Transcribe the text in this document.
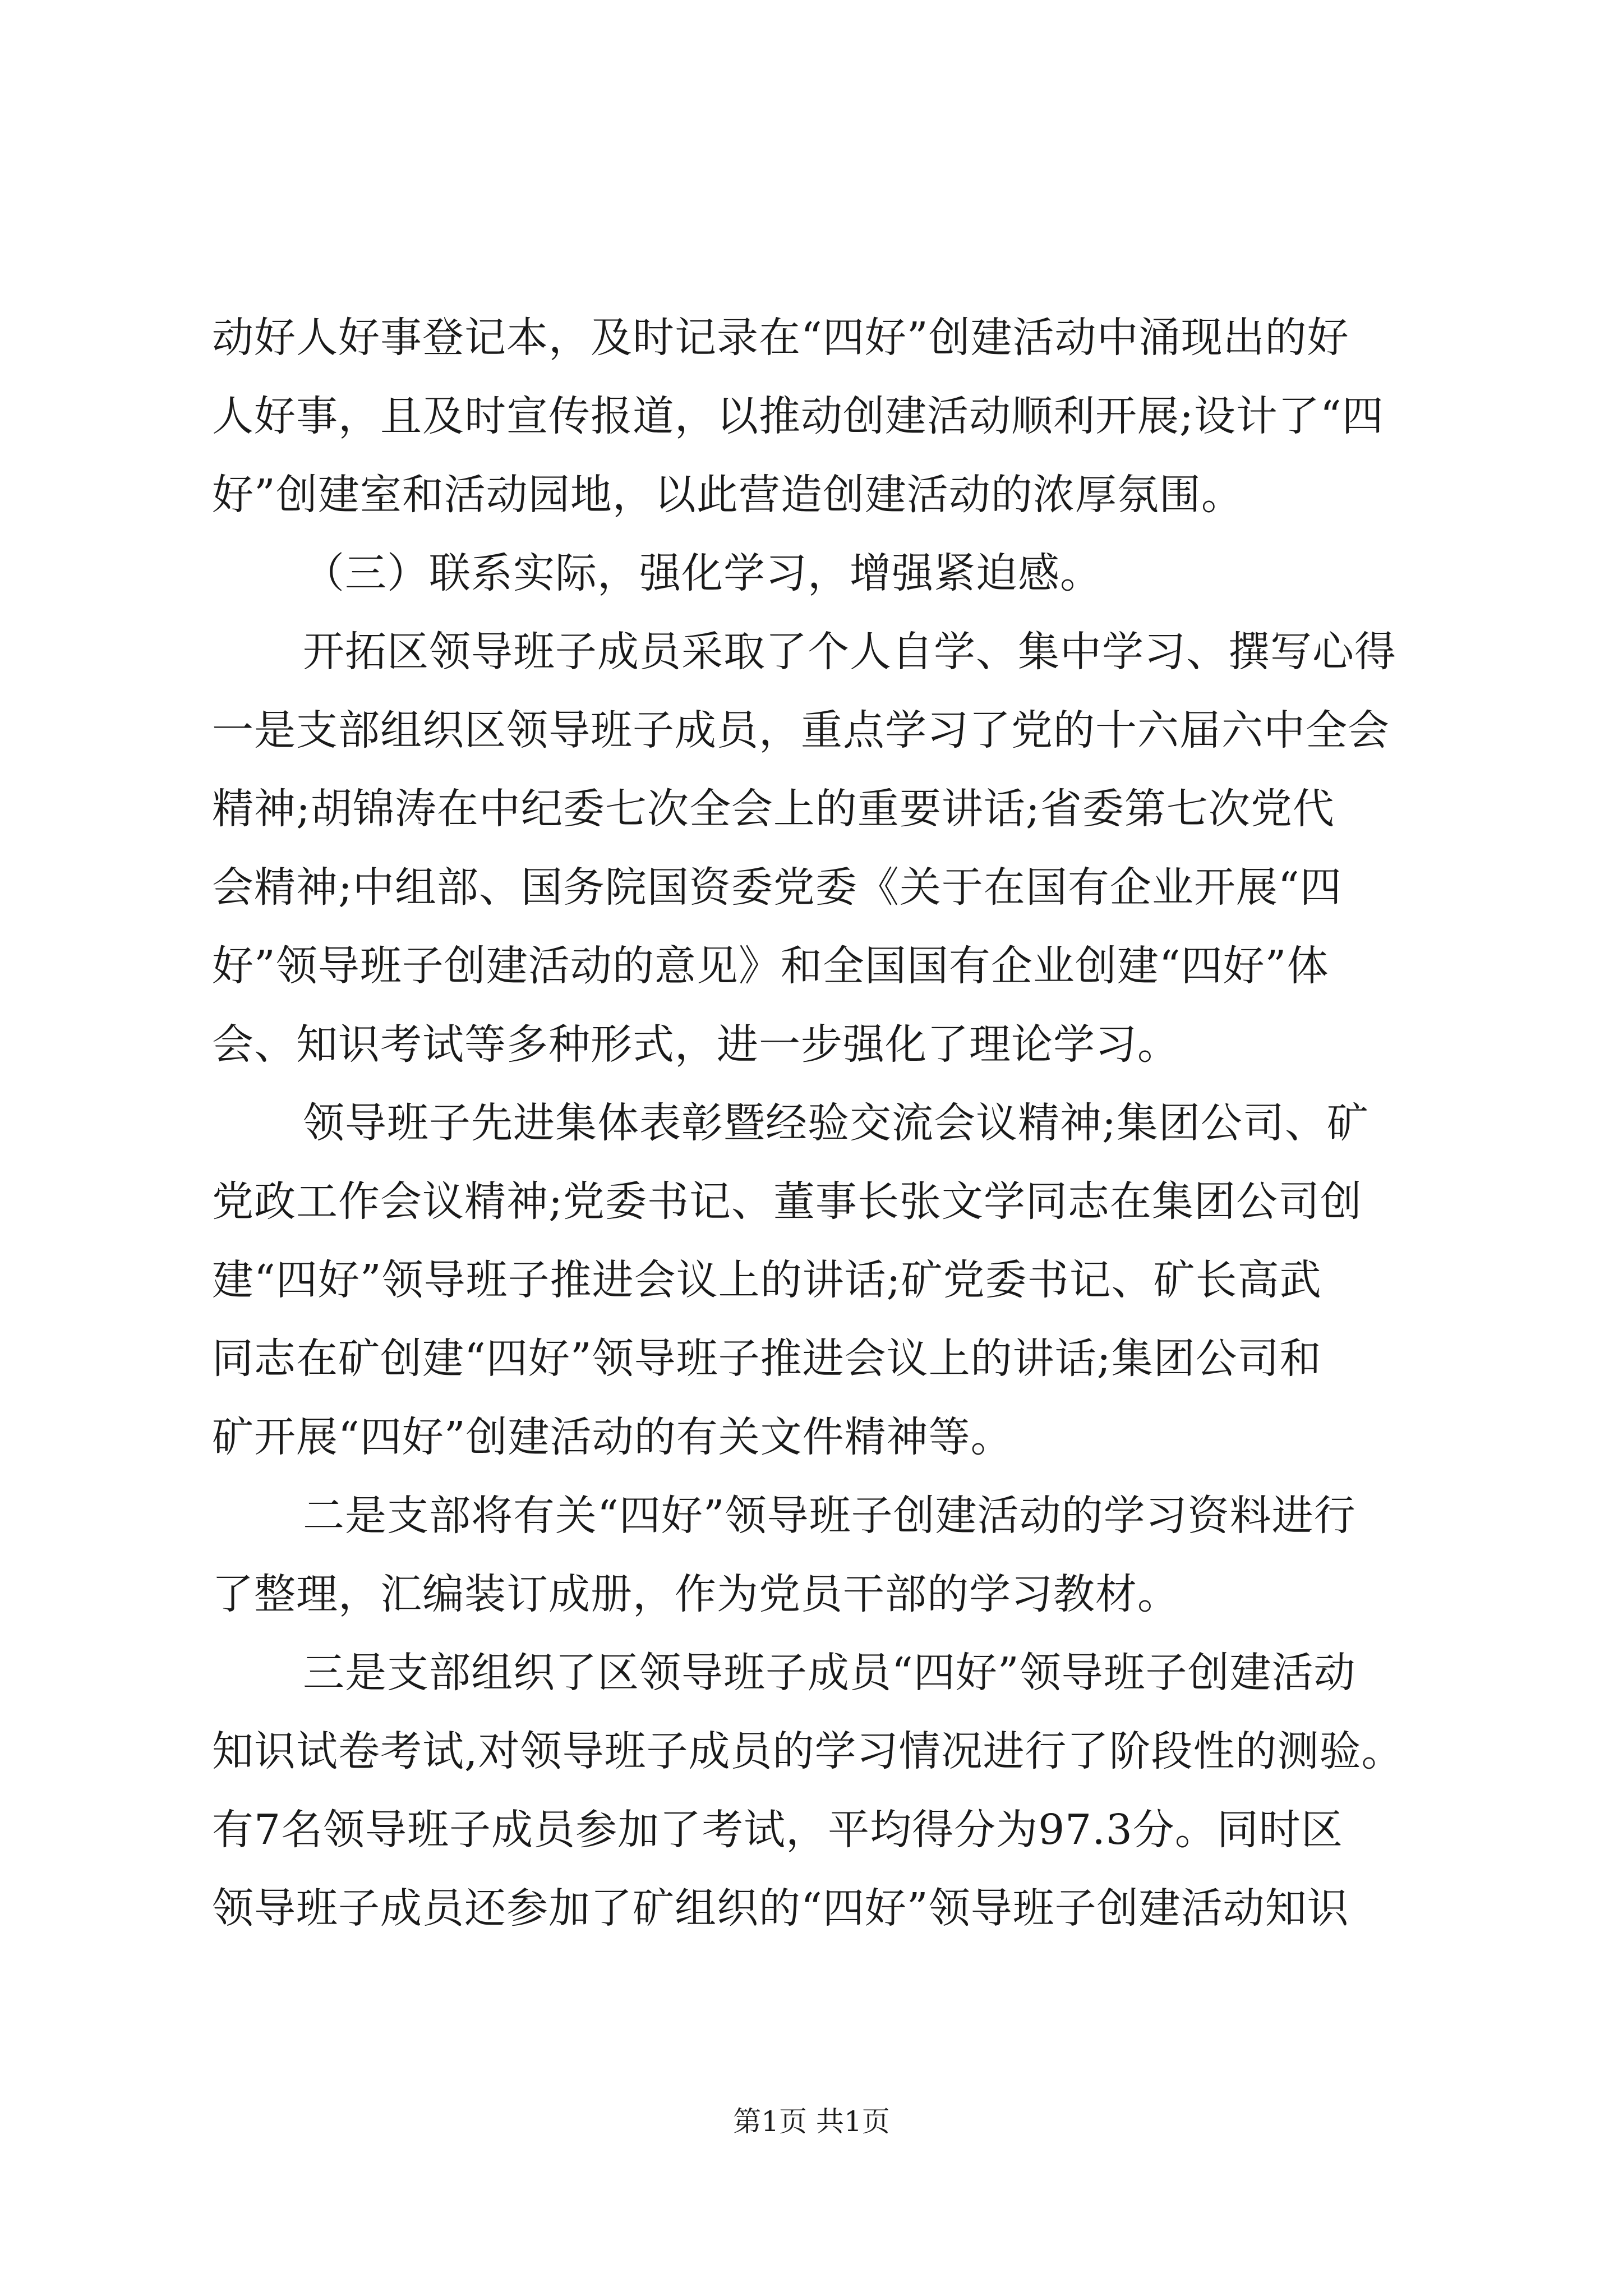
动好人好事登记本，及时记录在“四好”创建活动中涌现出的好
人好事，且及时宣传报道，以推动创建活动顺利开展;设计了“四
好”创建室和活动园地，以此营造创建活动的浓厚氛围。
（三）联系实际，强化学习，增强紧迫感。
开拓区领导班子成员采取了个人自学、集中学习、撰写心得
一是支部组织区领导班子成员，重点学习了党的十六届六中全会
精神;胡锦涛在中纪委七次全会上的重要讲话;省委第七次党代
会精神;中组部、国务院国资委党委《关于在国有企业开展“四
好”领导班子创建活动的意见》和全国国有企业创建“四好”体
会、知识考试等多种形式，进一步强化了理论学习。
领导班子先进集体表彰暨经验交流会议精神;集团公司、矿
党政工作会议精神;党委书记、董事长张文学同志在集团公司创
建“四好”领导班子推进会议上的讲话;矿党委书记、矿长高武
同志在矿创建“四好”领导班子推进会议上的讲话;集团公司和
矿开展“四好”创建活动的有关文件精神等。
二是支部将有关“四好”领导班子创建活动的学习资料进行
了整理，汇编装订成册，作为党员干部的学习教材。
三是支部组织了区领导班子成员“四好”领导班子创建活动
知识试卷考试,对领导班子成员的学习情况进行了阶段性的测验。
有7名领导班子成员参加了考试，平均得分为97.3分。同时区
领导班子成员还参加了矿组织的“四好”领导班子创建活动知识
第1页 共1页
